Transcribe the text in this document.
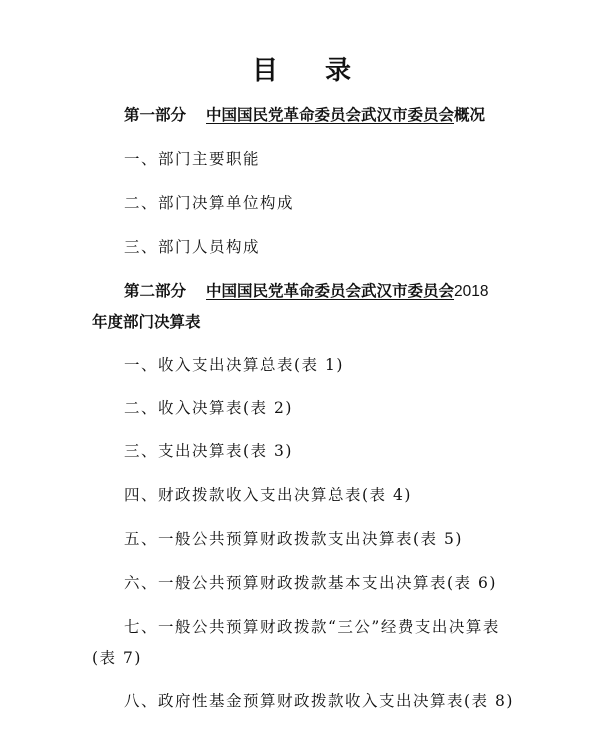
目 录
第一部分 中国国民党革命委员会武汉市委员会概况
一、部门主要职能
二、部门决算单位构成
三、部门人员构成
第二部分 中国国民党革命委员会武汉市委员会2018
年度部门决算表
一、收入支出决算总表(表 1)
二、收入决算表(表 2)
三、支出决算表(表 3)
四、财政拨款收入支出决算总表(表 4)
五、一般公共预算财政拨款支出决算表(表 5)
六、一般公共预算财政拨款基本支出决算表(表 6)
七、一般公共预算财政拨款“三公”经费支出决算表
(表 7)
八、政府性基金预算财政拨款收入支出决算表(表 8)
